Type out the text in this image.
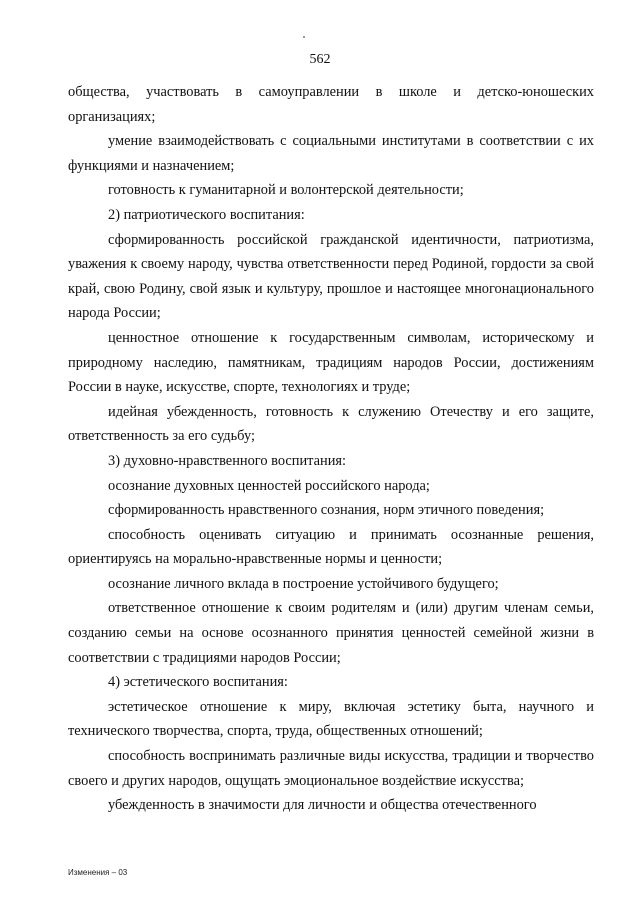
562

общества, участвовать в самоуправлении в школе и детско-юношеских организациях;

умение взаимодействовать с социальными институтами в соответствии с их функциями и назначением;

готовность к гуманитарной и волонтерской деятельности;

2) патриотического воспитания:

сформированность российской гражданской идентичности, патриотизма, уважения к своему народу, чувства ответственности перед Родиной, гордости за свой край, свою Родину, свой язык и культуру, прошлое и настоящее многонационального народа России;

ценностное отношение к государственным символам, историческому и природному наследию, памятникам, традициям народов России, достижениям России в науке, искусстве, спорте, технологиях и труде;

идейная убежденность, готовность к служению Отечеству и его защите, ответственность за его судьбу;

3) духовно-нравственного воспитания:

осознание духовных ценностей российского народа;

сформированность нравственного сознания, норм этичного поведения;

способность оценивать ситуацию и принимать осознанные решения, ориентируясь на морально-нравственные нормы и ценности;

осознание личного вклада в построение устойчивого будущего;

ответственное отношение к своим родителям и (или) другим членам семьи, созданию семьи на основе осознанного принятия ценностей семейной жизни в соответствии с традициями народов России;

4) эстетического воспитания:

эстетическое отношение к миру, включая эстетику быта, научного и технического творчества, спорта, труда, общественных отношений;

способность воспринимать различные виды искусства, традиции и творчество своего и других народов, ощущать эмоциональное воздействие искусства;

убежденность в значимости для личности и общества отечественного

Изменения – 03
